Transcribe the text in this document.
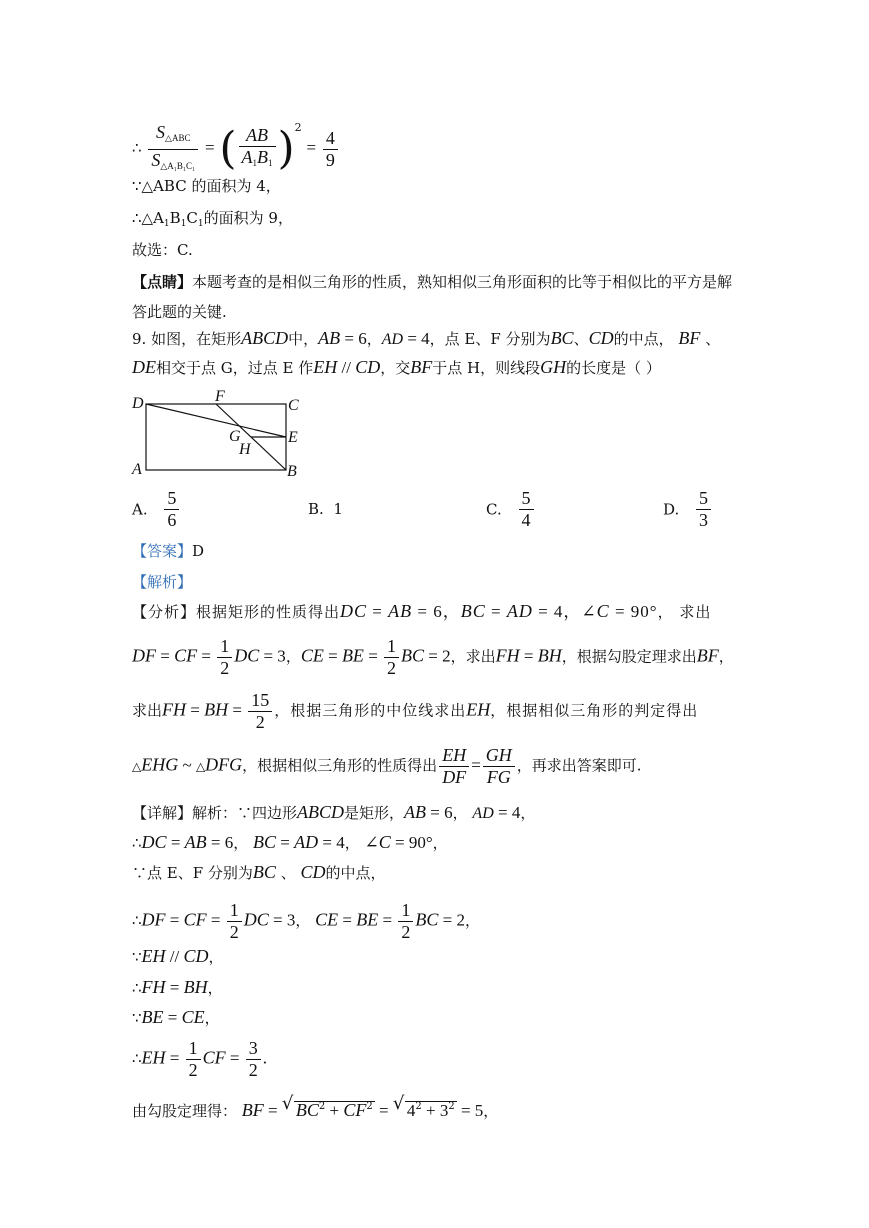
∴ $\frac{S_{\triangle ABC}}{S_{\triangle A_1B_1C_1}}$ = ( $\frac{AB}{A_1B_1} )^2 = \frac{4}{9}$
∵△ABC 的面积为 4，
$\therefore\triangle A_1B_1C_1$的面积为 9，
故选：C.
【点睛】本题考查的是相似三角形的性质，熟知相似三角形面积的比等于相似比的平方是解
答此题的关键.
9. 如图，在矩形ABCD中，AB = 6，AD = 4，点 E、F 分别为BC、CD的中点， BF 、
DE相交于点 G，过点 E 作EH // CD，交BF于点 H，则线段GH的长度是（ ）
D	C
A	B
F
E
G
H
A. $\frac{5}{6}$	B. 1	C. $\frac{5}{4}$	D. $\frac{5}{3}$
【答案】D
【解析】
【分析】根据矩形的性质得出DC = AB = 6，BC = AD = 4，∠C = 90°， 求出
DF = CF = $\frac{1}{2}$ DC = 3，CE = BE = $\frac{1}{2}$ BC = 2，求出FH = BH，根据勾股定理求出BF，
求出FH = BH = $\frac{15}{2}$ ，根据三角形的中位线求出EH，根据相似三角形的判定得出
△EHG ~ △DFG，根据相似三角形的性质得出 $\frac{EH}{DF} = \frac{GH}{FG}$ ，再求出答案即可.
【详解】解析：∵四边形ABCD是矩形，AB = 6， AD = 4，
∴DC = AB = 6， BC = AD = 4， ∠C = 90°，
∵点 E、F 分别为BC 、 CD的中点，
∴DF = CF = $\frac{1}{2}$ DC = 3， CE = BE = $\frac{1}{2}$ BC = 2，
∵EH // CD，
∴FH = BH，
∵BE = CE，
∴EH = $\frac{1}{2}$ CF = $\frac{3}{2}$ .
由勾股定理得： BF = √ $BC^2 + CF^2$ = √ $4^2 + 3^2 = 5$，
